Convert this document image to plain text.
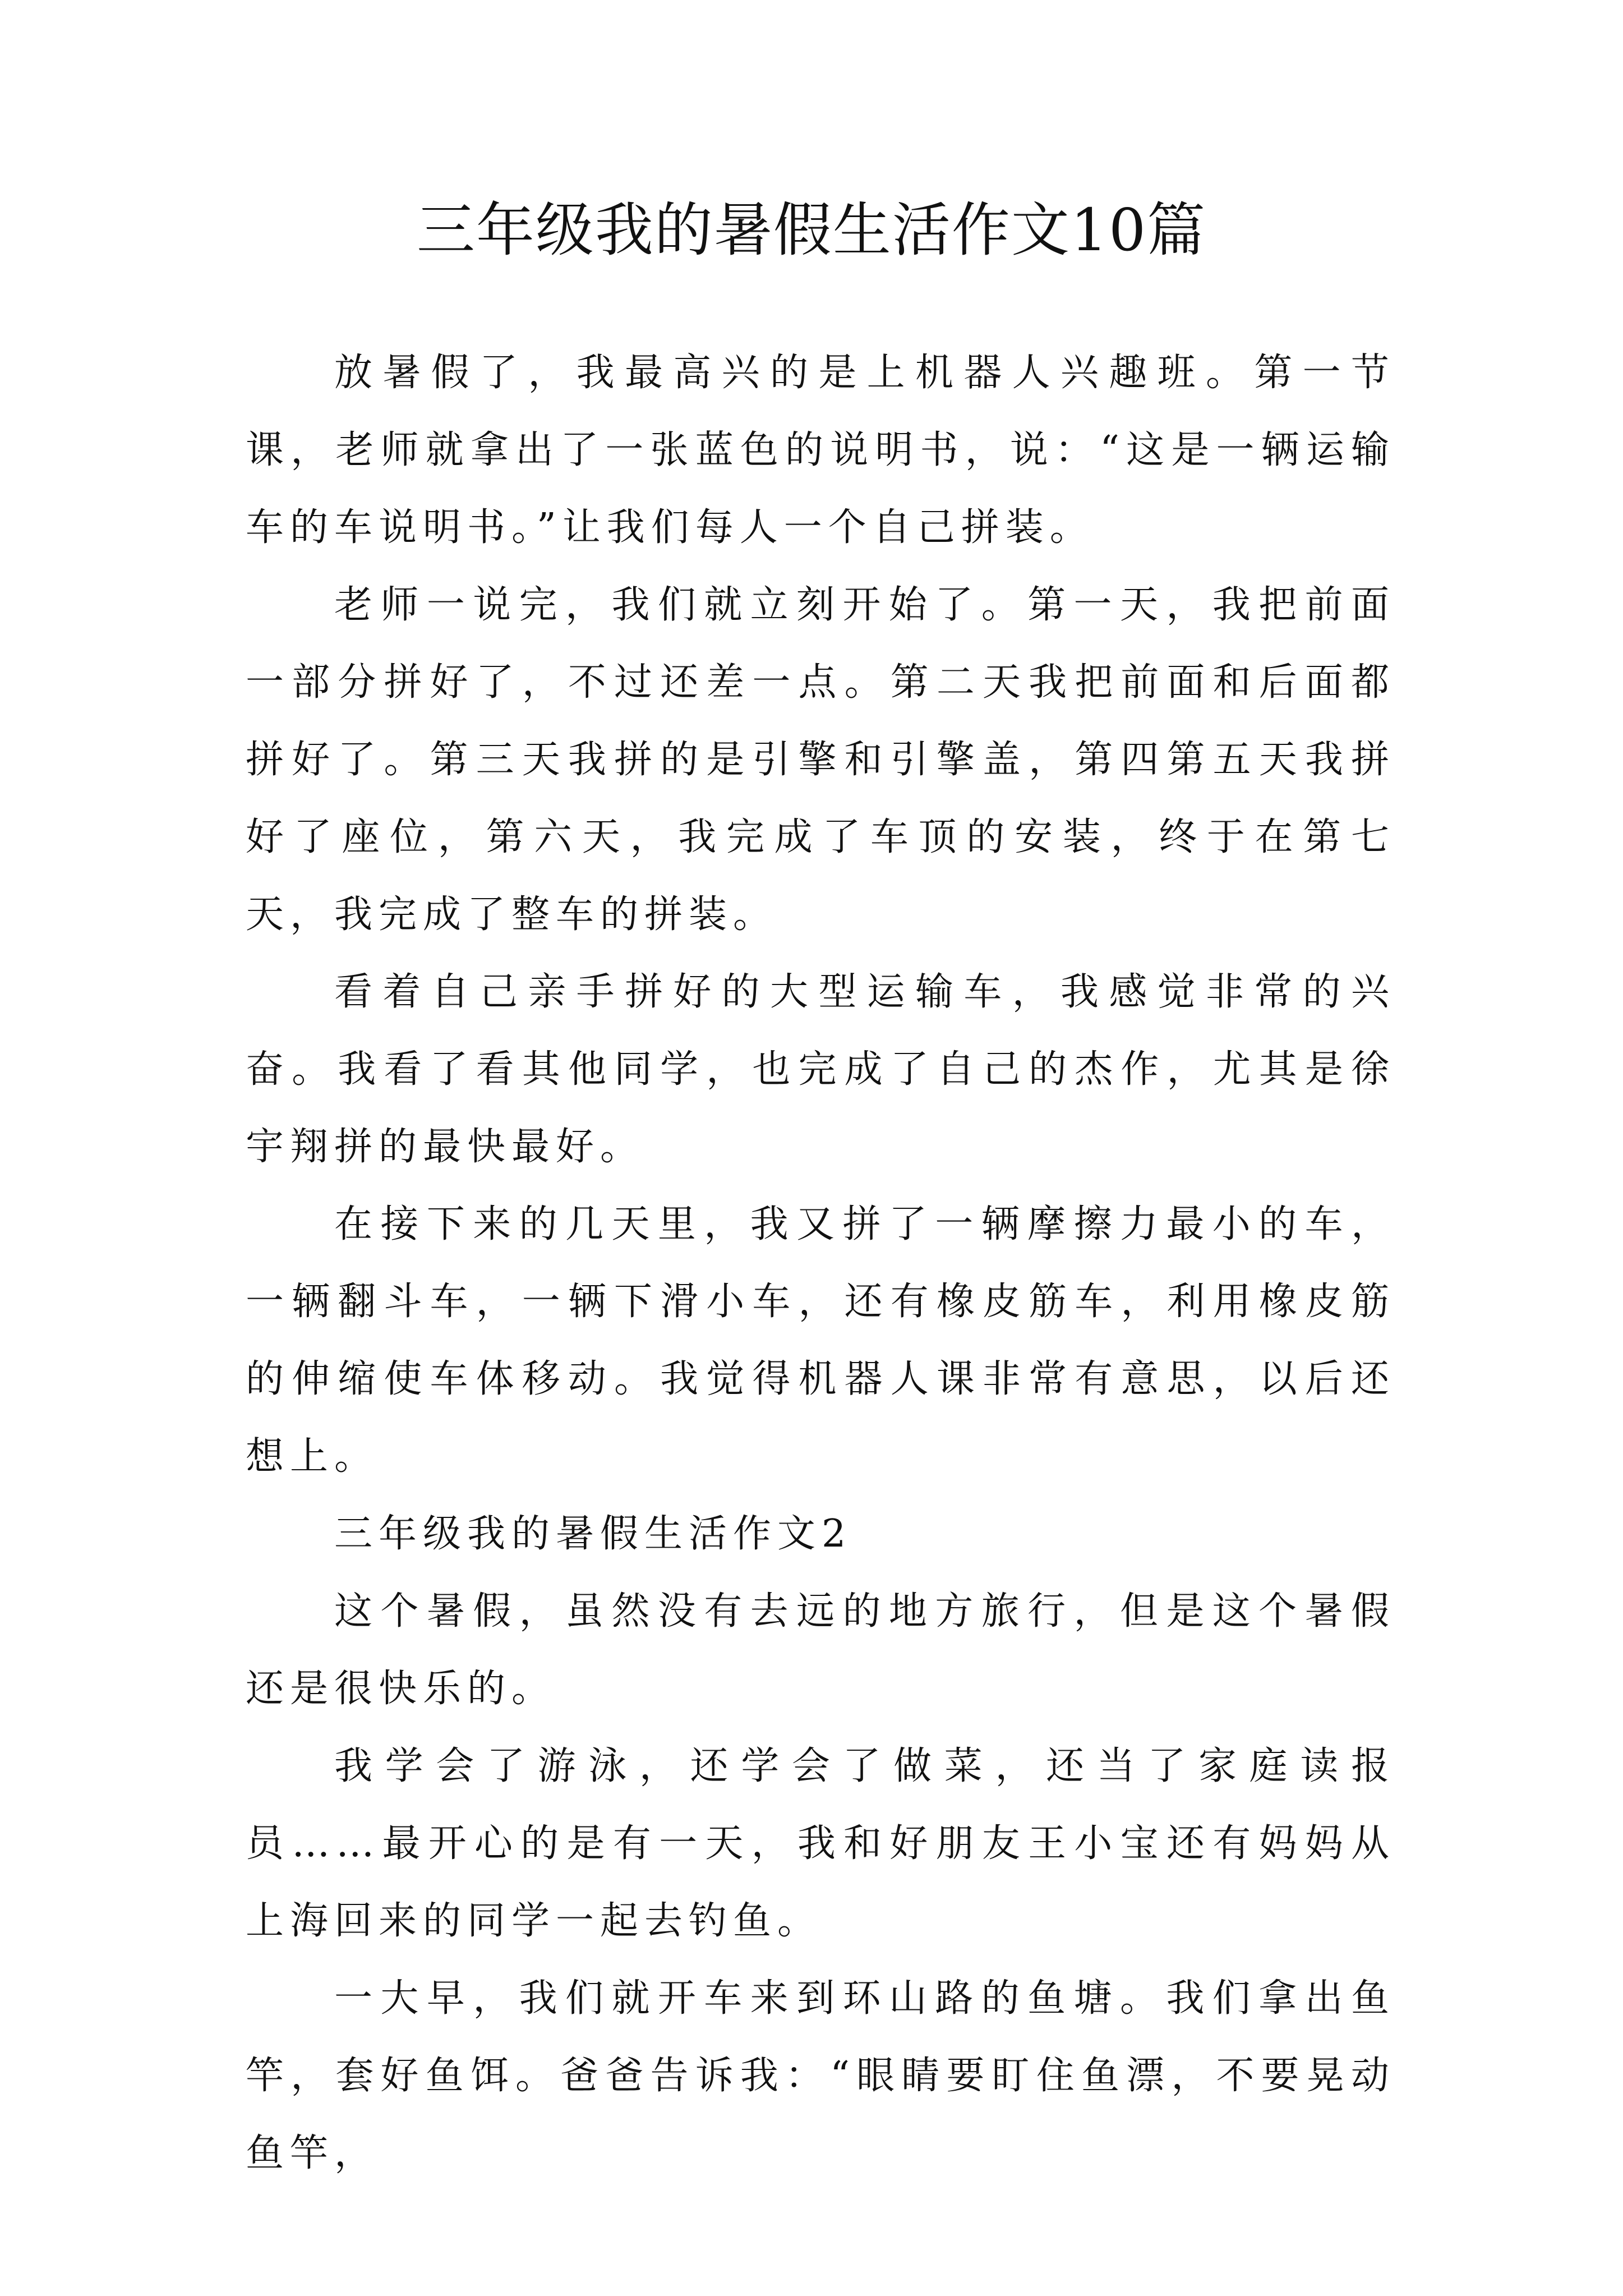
三年级我的暑假生活作文10篇

放暑假了，我最高兴的是上机器人兴趣班。第一节课，老师就拿出了一张蓝色的说明书，说：“这是一辆运输车的车说明书。”让我们每人一个自己拼装。

老师一说完，我们就立刻开始了。第一天，我把前面一部分拼好了，不过还差一点。第二天我把前面和后面都拼好了。第三天我拼的是引擎和引擎盖，第四第五天我拼好了座位，第六天，我完成了车顶的安装，终于在第七天，我完成了整车的拼装。

看着自己亲手拼好的大型运输车，我感觉非常的兴奋。我看了看其他同学，也完成了自己的杰作，尤其是徐宇翔拼的最快最好。

在接下来的几天里，我又拼了一辆摩擦力最小的车，一辆翻斗车，一辆下滑小车，还有橡皮筋车，利用橡皮筋的伸缩使车体移动。我觉得机器人课非常有意思，以后还想上。

三年级我的暑假生活作文2

这个暑假，虽然没有去远的地方旅行，但是这个暑假还是很快乐的。

我学会了游泳，还学会了做菜，还当了家庭读报员……最开心的是有一天，我和好朋友王小宝还有妈妈从上海回来的同学一起去钓鱼。

一大早，我们就开车来到环山路的鱼塘。我们拿出鱼竿，套好鱼饵。爸爸告诉我：“眼睛要盯住鱼漂，不要晃动鱼竿，
